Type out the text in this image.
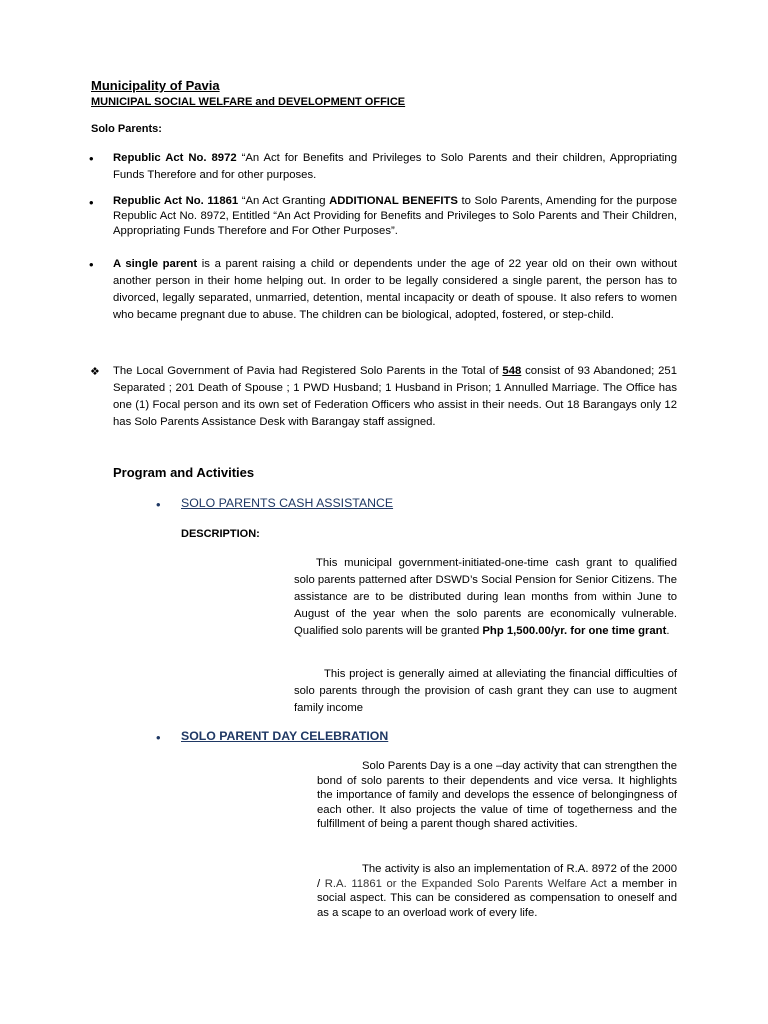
Municipality of Pavia
MUNICIPAL SOCIAL WELFARE and DEVELOPMENT OFFICE
Solo Parents:
• Republic Act No. 8972 “An Act for Benefits and Privileges to Solo Parents and their children, Appropriating Funds Therefore and for other purposes.
• Republic Act No. 11861 “An Act Granting ADDITIONAL BENEFITS to Solo Parents, Amending for the purpose Republic Act No. 8972, Entitled “An Act Providing for Benefits and Privileges to Solo Parents and Their Children, Appropriating Funds Therefore and For Other Purposes”.
• A single parent is a parent raising a child or dependents under the age of 22 year old on their own without another person in their home helping out. In order to be legally considered a single parent, the person has to divorced, legally separated, unmarried, detention, mental incapacity or death of spouse. It also refers to women who became pregnant due to abuse. The children can be biological, adopted, fostered, or step-child.
❖ The Local Government of Pavia had Registered Solo Parents in the Total of 548 consist of 93 Abandoned; 251 Separated ; 201 Death of Spouse ; 1 PWD Husband; 1 Husband in Prison; 1 Annulled Marriage. The Office has one (1) Focal person and its own set of Federation Officers who assist in their needs. Out 18 Barangays only 12 has Solo Parents Assistance Desk with Barangay staff assigned.
Program and Activities
• SOLO PARENTS CASH ASSISTANCE
DESCRIPTION:
This municipal government-initiated-one-time cash grant to qualified solo parents patterned after DSWD’s Social Pension for Senior Citizens. The assistance are to be distributed during lean months from within June to August of the year when the solo parents are economically vulnerable. Qualified solo parents will be granted Php 1,500.00/yr. for one time grant.
This project is generally aimed at alleviating the financial difficulties of solo parents through the provision of cash grant they can use to augment family income
• SOLO PARENT DAY CELEBRATION
Solo Parents Day is a one –day activity that can strengthen the bond of solo parents to their dependents and vice versa. It highlights the importance of family and develops the essence of belongingness of each other. It also projects the value of time of togetherness and the fulfillment of being a parent though shared activities.
The activity is also an implementation of R.A. 8972 of the 2000 / R.A. 11861 or the Expanded Solo Parents Welfare Act a member in social aspect. This can be considered as compensation to oneself and as a scape to an overload work of every life.
